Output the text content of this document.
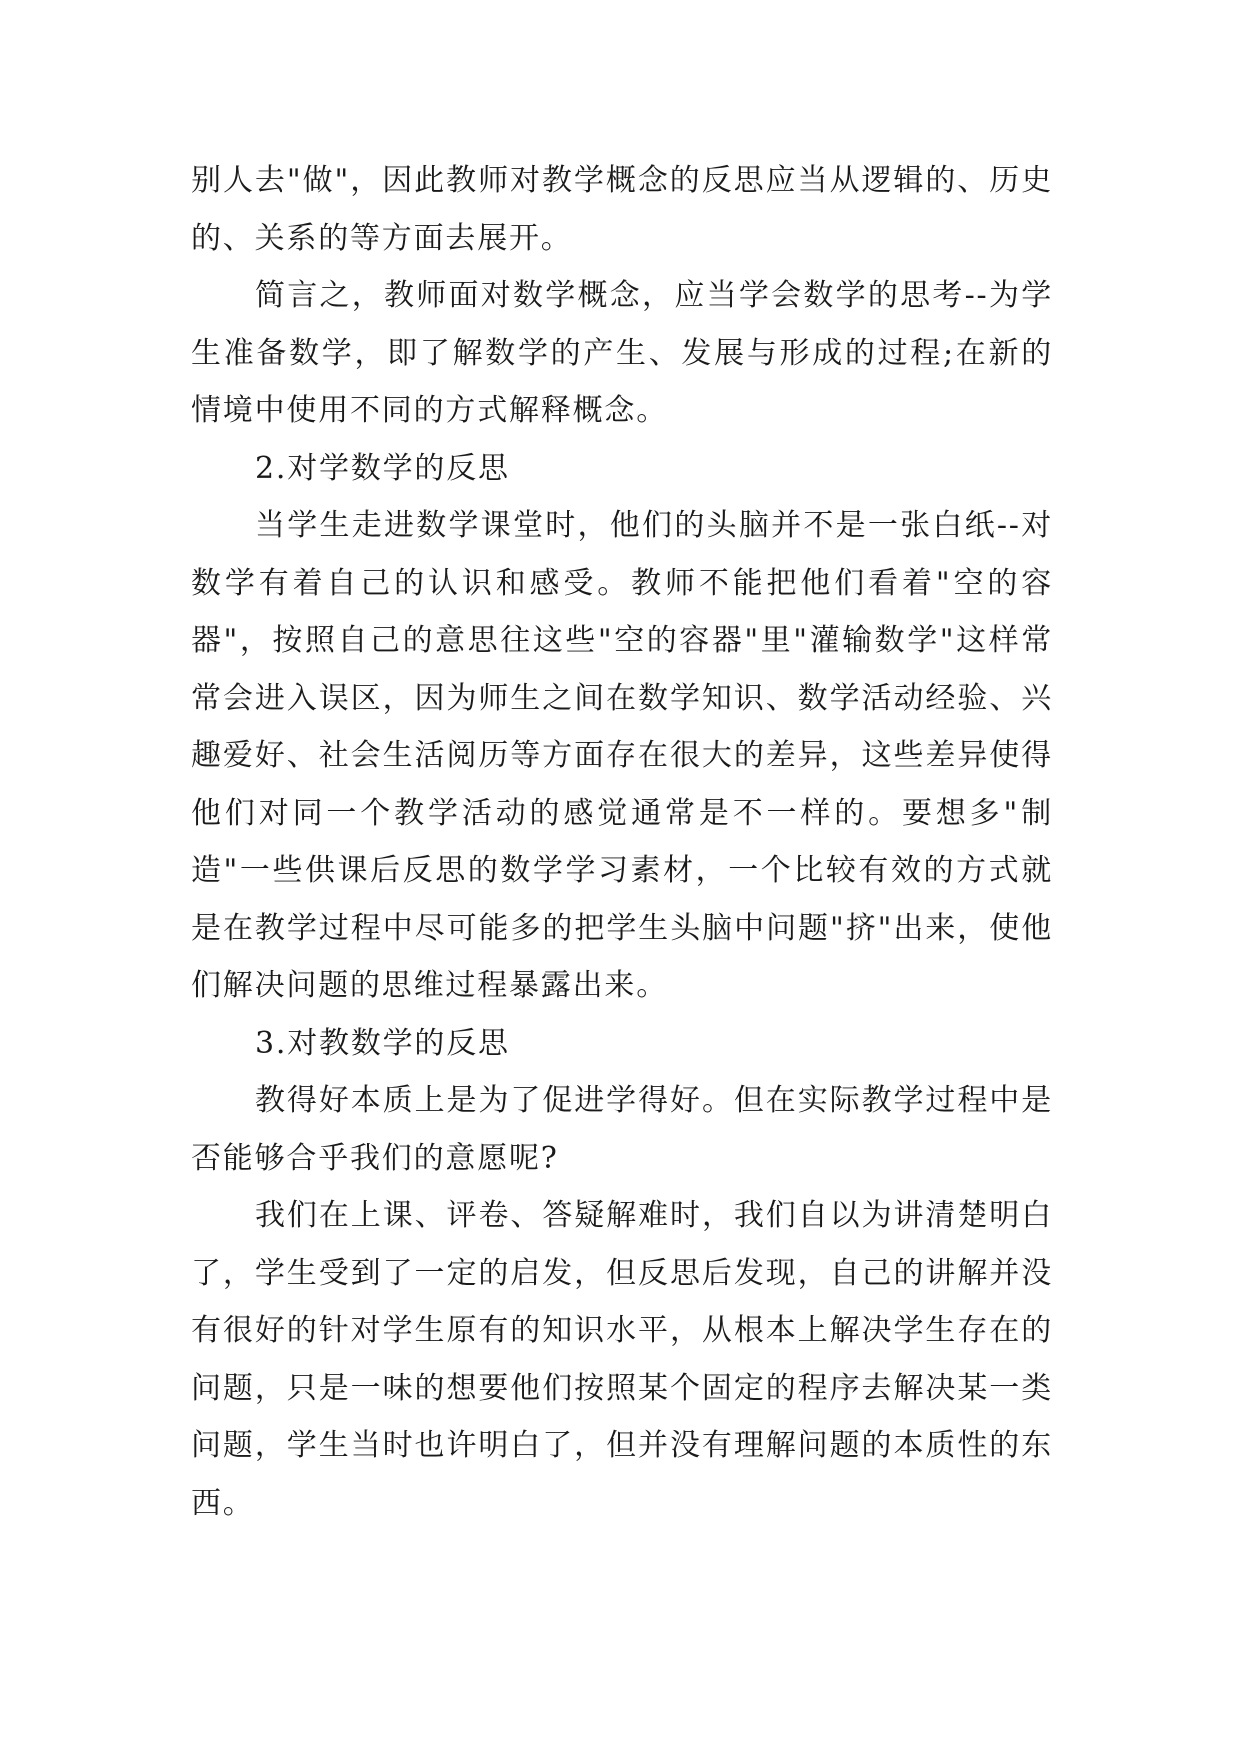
别人去"做"，因此教师对教学概念的反思应当从逻辑的、历史的、关系的等方面去展开。

简言之，教师面对数学概念，应当学会数学的思考--为学生准备数学，即了解数学的产生、发展与形成的过程;在新的情境中使用不同的方式解释概念。

2.对学数学的反思

当学生走进数学课堂时，他们的头脑并不是一张白纸--对数学有着自己的认识和感受。教师不能把他们看着"空的容器"，按照自己的意思往这些"空的容器"里"灌输数学"这样常常会进入误区，因为师生之间在数学知识、数学活动经验、兴趣爱好、社会生活阅历等方面存在很大的差异，这些差异使得他们对同一个教学活动的感觉通常是不一样的。要想多"制造"一些供课后反思的数学学习素材，一个比较有效的方式就是在教学过程中尽可能多的把学生头脑中问题"挤"出来，使他们解决问题的思维过程暴露出来。

3.对教数学的反思

教得好本质上是为了促进学得好。但在实际教学过程中是否能够合乎我们的意愿呢?

我们在上课、评卷、答疑解难时，我们自以为讲清楚明白了，学生受到了一定的启发，但反思后发现，自己的讲解并没有很好的针对学生原有的知识水平，从根本上解决学生存在的问题，只是一味的想要他们按照某个固定的程序去解决某一类问题，学生当时也许明白了，但并没有理解问题的本质性的东西。
